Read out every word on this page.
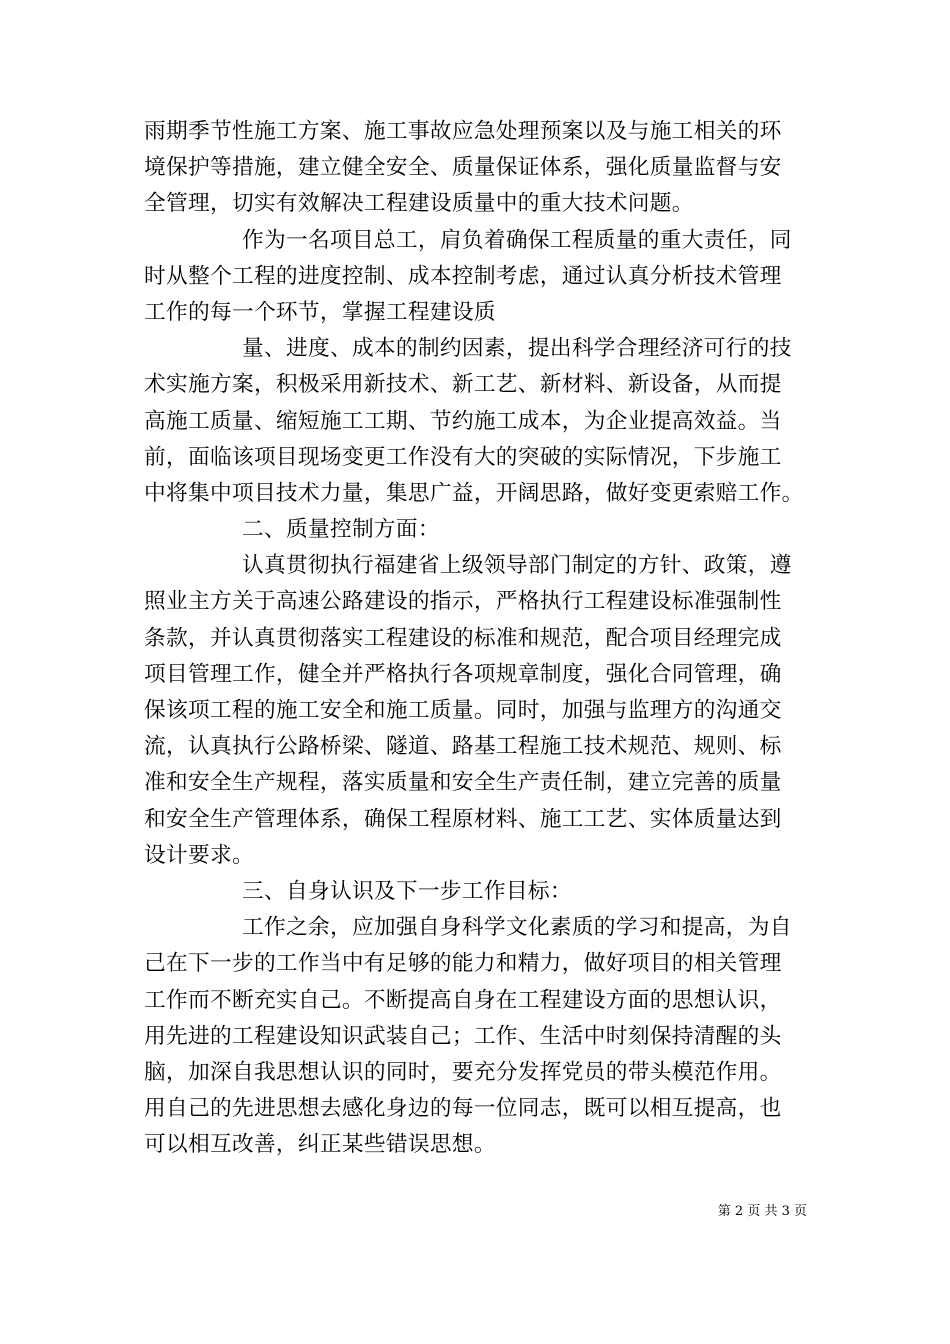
雨期季节性施工方案、施工事故应急处理预案以及与施工相关的环
境保护等措施，建立健全安全、质量保证体系，强化质量监督与安
全管理，切实有效解决工程建设质量中的重大技术问题。
作为一名项目总工，肩负着确保工程质量的重大责任，同
时从整个工程的进度控制、成本控制考虑，通过认真分析技术管理
工作的每一个环节，掌握工程建设质
量、进度、成本的制约因素，提出科学合理经济可行的技
术实施方案，积极采用新技术、新工艺、新材料、新设备，从而提
高施工质量、缩短施工工期、节约施工成本，为企业提高效益。当
前，面临该项目现场变更工作没有大的突破的实际情况，下步施工
中将集中项目技术力量，集思广益，开阔思路，做好变更索赔工作。
二、质量控制方面：
认真贯彻执行福建省上级领导部门制定的方针、政策，遵
照业主方关于高速公路建设的指示，严格执行工程建设标准强制性
条款，并认真贯彻落实工程建设的标准和规范，配合项目经理完成
项目管理工作，健全并严格执行各项规章制度，强化合同管理，确
保该项工程的施工安全和施工质量。同时，加强与监理方的沟通交
流，认真执行公路桥梁、隧道、路基工程施工技术规范、规则、标
准和安全生产规程，落实质量和安全生产责任制，建立完善的质量
和安全生产管理体系，确保工程原材料、施工工艺、实体质量达到
设计要求。
三、自身认识及下一步工作目标：
工作之余，应加强自身科学文化素质的学习和提高，为自
己在下一步的工作当中有足够的能力和精力，做好项目的相关管理
工作而不断充实自己。不断提高自身在工程建设方面的思想认识，
用先进的工程建设知识武装自己；工作、生活中时刻保持清醒的头
脑，加深自我思想认识的同时，要充分发挥党员的带头模范作用。
用自己的先进思想去感化身边的每一位同志，既可以相互提高，也
可以相互改善，纠正某些错误思想。
第 2 页 共 3 页
